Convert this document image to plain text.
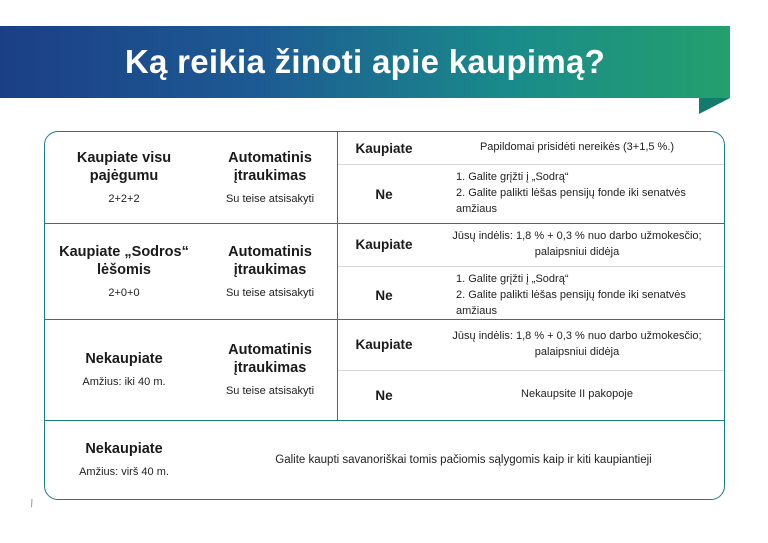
Ką reikia žinoti apie kaupimą?
Kaupiate visu pajėgumu
2+2+2
Automatinis įtraukimas
Su teise atsisakyti
Kaupiate	Papildomai prisidėti nereikės (3+1,5 %.)
Ne
1. Galite grįžti į „Sodrą“
2. Galite palikti lėšas pensijų fonde iki senatvės amžiaus
Kaupiate „Sodros“ lėšomis
2+0+0
Automatinis įtraukimas
Su teise atsisakyti
Kaupiate
Jūsų indėlis: 1,8 % + 0,3 % nuo darbo užmokesčio; palaipsniui didėja
Ne
1. Galite grįžti į „Sodrą“
2. Galite palikti lėšas pensijų fonde iki senatvės amžiaus
Nekaupiate
Amžius: iki 40 m.
Automatinis įtraukimas
Su teise atsisakyti
Kaupiate
Jūsų indėlis: 1,8 % + 0,3 % nuo darbo užmokesčio; palaipsniui didėja
Ne	Nekaupsite II pakopoje
Nekaupiate
Amžius: virš 40 m.
Galite kaupti savanoriškai tomis pačiomis sąlygomis kaip ir kiti kaupiantieji
\
